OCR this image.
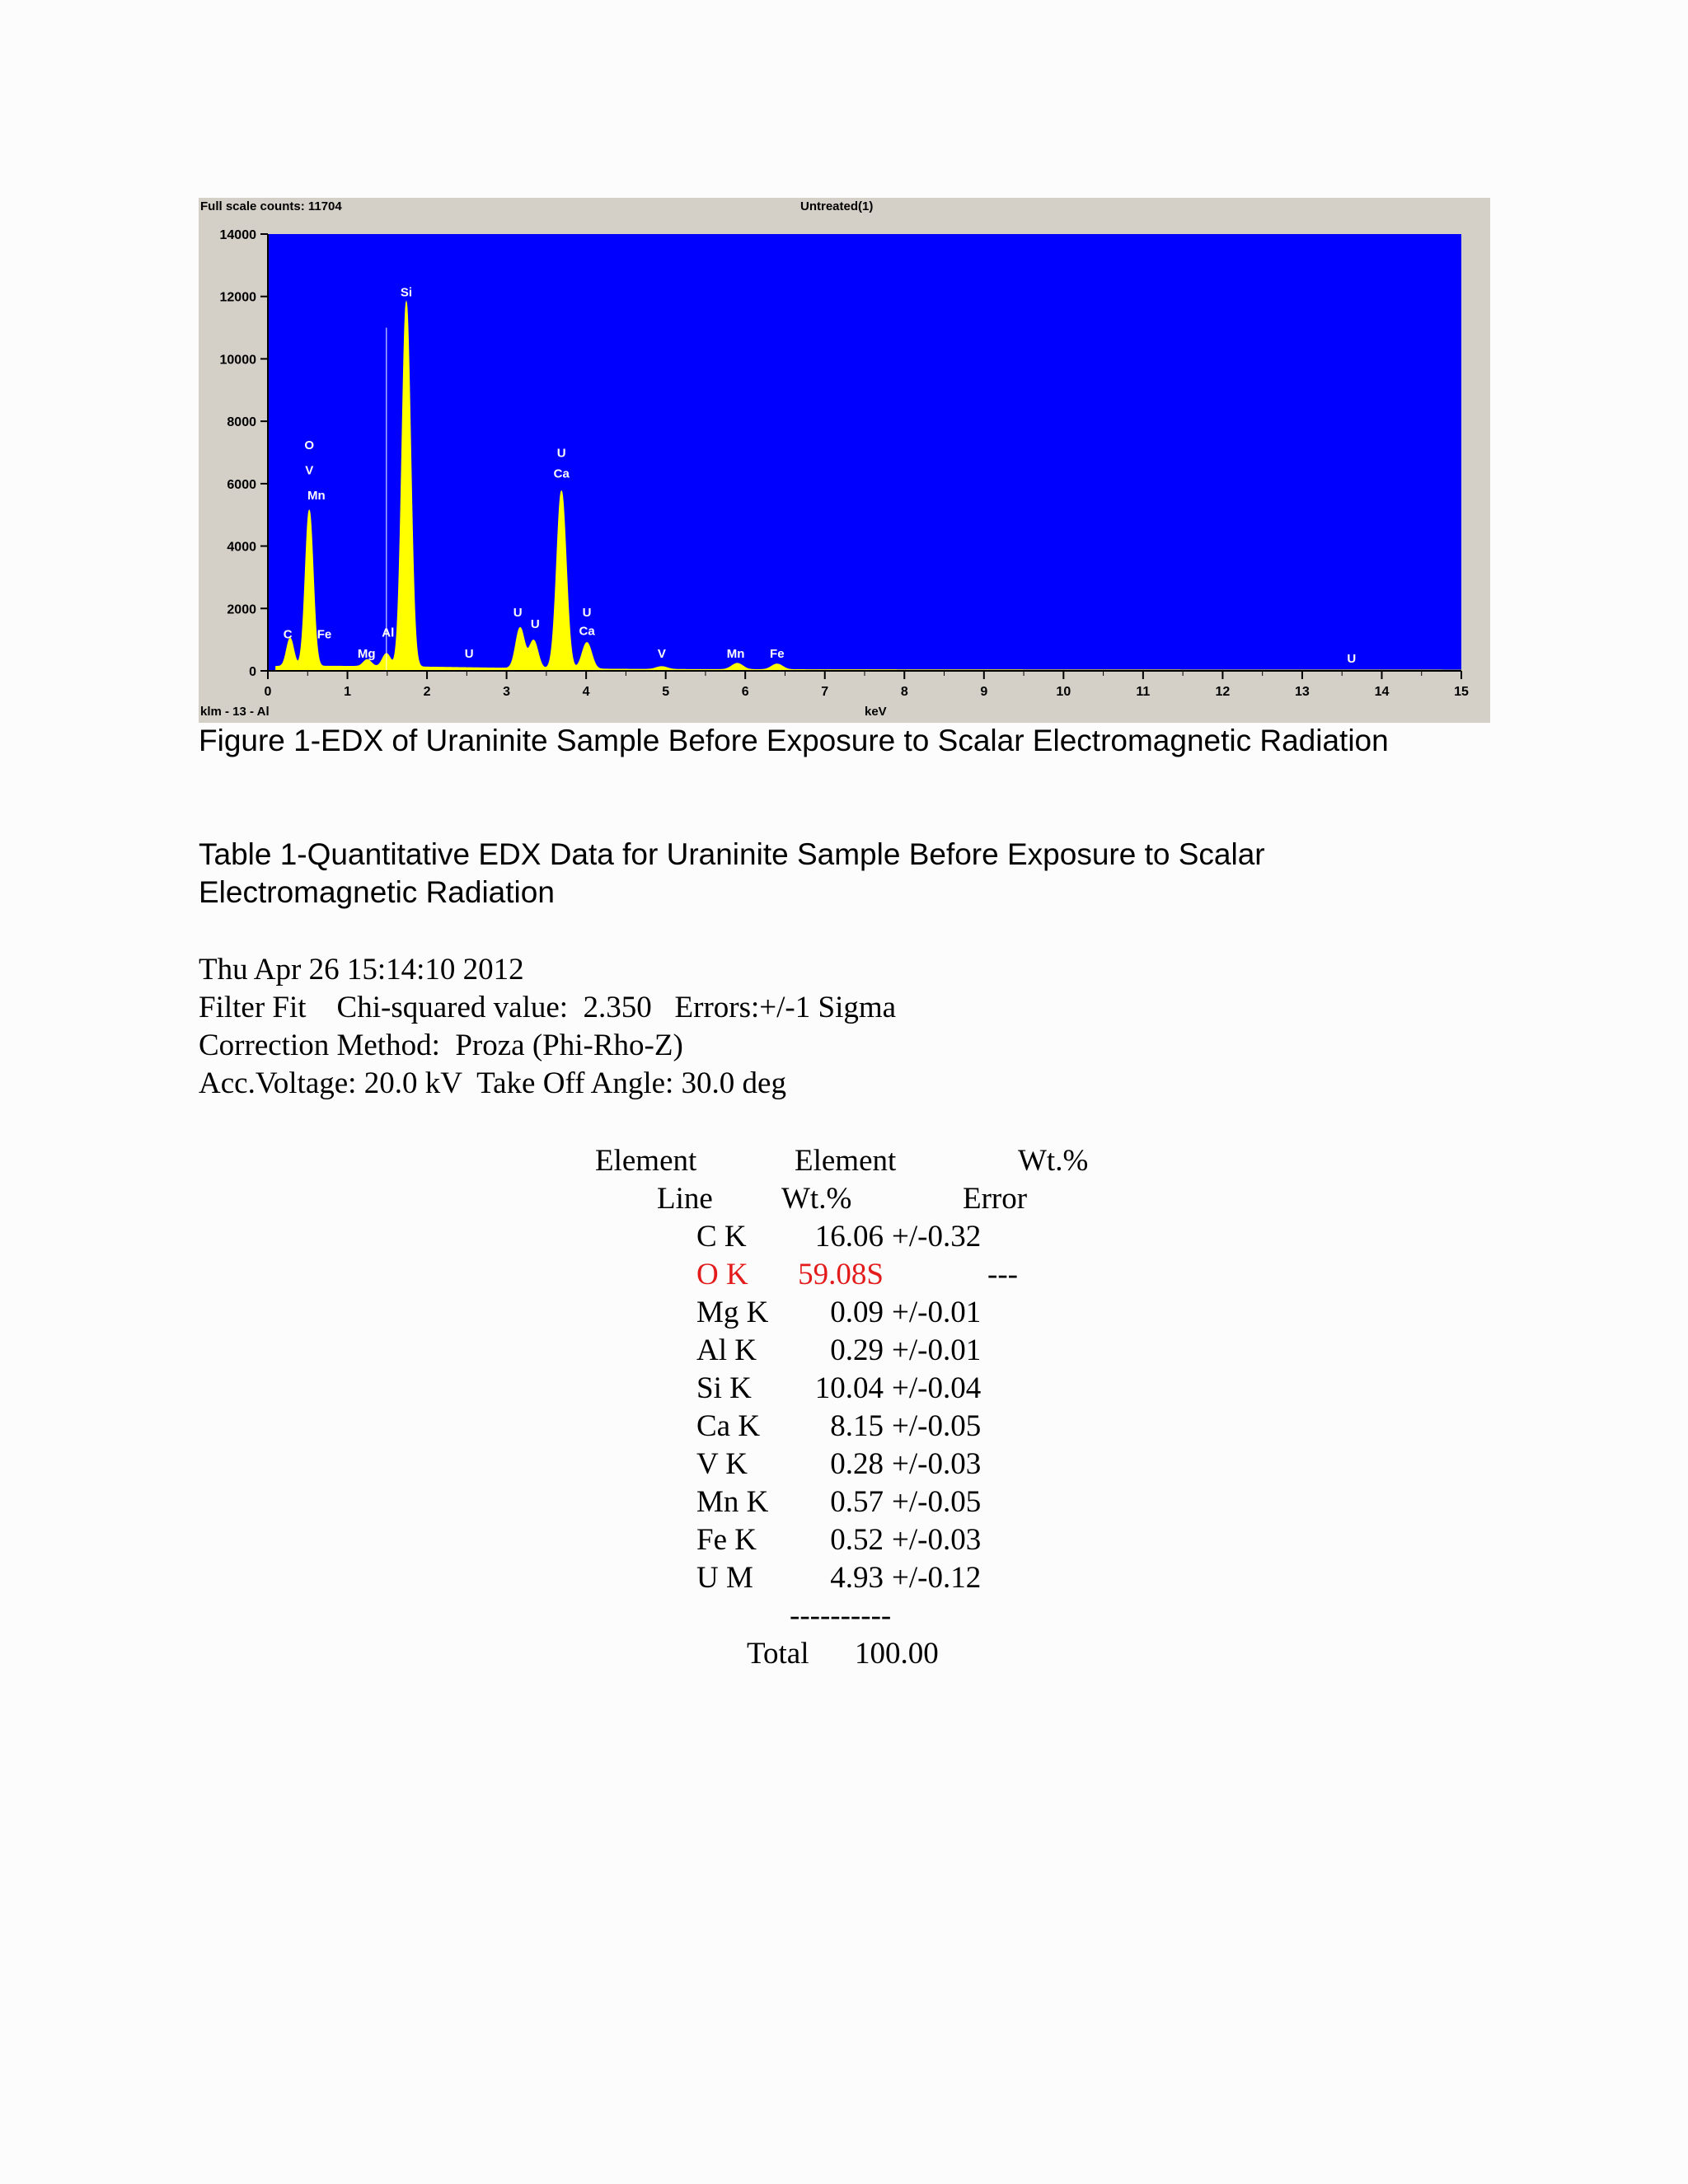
0
2000
4000
6000
8000
10000
12000
14000
0	1	2	3	4	5	6	7	8	9	10	11	12	13	14	15
C Fe
O
V
Mn
Mg
Al
Si
U
U
U
U
Ca
U
Ca
V	Mn Fe	U
Full scale counts: 11704	Untreated(1)
klm - 13 - Al	keV
Figure 1-EDX of Uraninite Sample Before Exposure to Scalar Electromagnetic Radiation
Table 1-Quantitative EDX Data for Uraninite Sample Before Exposure to Scalar Electromagnetic Radiation
Thu Apr 26 15:14:10 2012
Filter Fit    Chi-squared value:  2.350   Errors:+/-1 Sigma
Correction Method:  Proza (Phi-Rho-Z)
Acc.Voltage: 20.0 kV  Take Off Angle: 30.0 deg
Element	Element	Wt.%
Line Wt.%	Error
C K	16.06 +/-0.32
O K	59.08S	---
Mg K	0.09 +/-0.01
Al K	0.29 +/-0.01
Si K	10.04 +/-0.04
Ca K	8.15 +/-0.05
V K	0.28 +/-0.03
Mn K	0.57 +/-0.05
Fe K	0.52 +/-0.03
U M	4.93 +/-0.12
----------
Total 100.00
